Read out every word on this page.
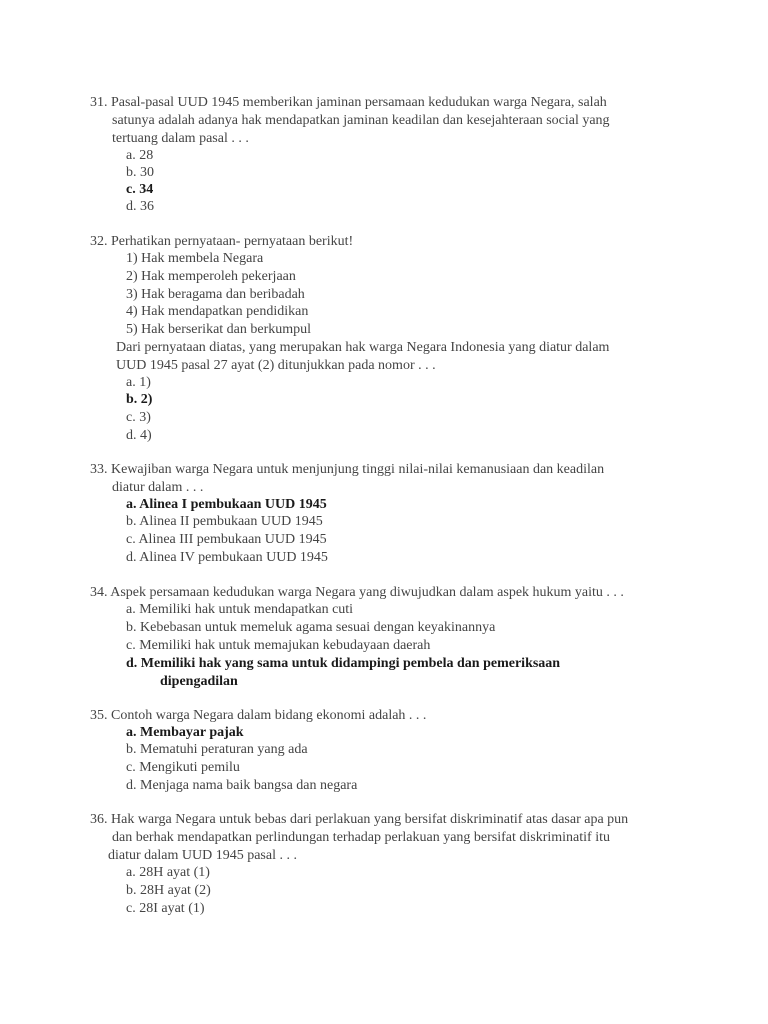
31. Pasal-pasal UUD 1945 memberikan jaminan persamaan kedudukan warga Negara, salah
satunya adalah adanya hak mendapatkan jaminan keadilan dan kesejahteraan social yang
tertuang dalam pasal . . .
a. 28
b. 30
c. 34
d. 36
32. Perhatikan pernyataan- pernyataan berikut!
1) Hak membela Negara
2) Hak memperoleh pekerjaan
3) Hak beragama dan beribadah
4) Hak mendapatkan pendidikan
5) Hak berserikat dan berkumpul
Dari pernyataan diatas, yang merupakan hak warga Negara Indonesia yang diatur dalam
UUD 1945 pasal 27 ayat (2) ditunjukkan pada nomor . . .
a. 1)
b. 2)
c. 3)
d. 4)
33. Kewajiban warga Negara untuk menjunjung tinggi nilai-nilai kemanusiaan dan keadilan
diatur dalam . . .
a. Alinea I pembukaan UUD 1945
b. Alinea II pembukaan UUD 1945
c. Alinea III pembukaan UUD 1945
d. Alinea IV pembukaan UUD 1945
34. Aspek persamaan kedudukan warga Negara yang diwujudkan dalam aspek hukum yaitu . . .
a. Memiliki hak untuk mendapatkan cuti
b. Kebebasan untuk memeluk agama sesuai dengan keyakinannya
c. Memiliki hak untuk memajukan kebudayaan daerah
d. Memiliki hak yang sama untuk didampingi pembela dan pemeriksaan
dipengadilan
35. Contoh warga Negara dalam bidang ekonomi adalah . . .
a. Membayar pajak
b. Mematuhi peraturan yang ada
c. Mengikuti pemilu
d. Menjaga nama baik bangsa dan negara
36. Hak warga Negara untuk bebas dari perlakuan yang bersifat diskriminatif atas dasar apa pun
dan berhak mendapatkan perlindungan terhadap perlakuan yang bersifat diskriminatif itu
diatur dalam UUD 1945 pasal . . .
a. 28H ayat (1)
b. 28H ayat (2)
c. 28I ayat (1)
